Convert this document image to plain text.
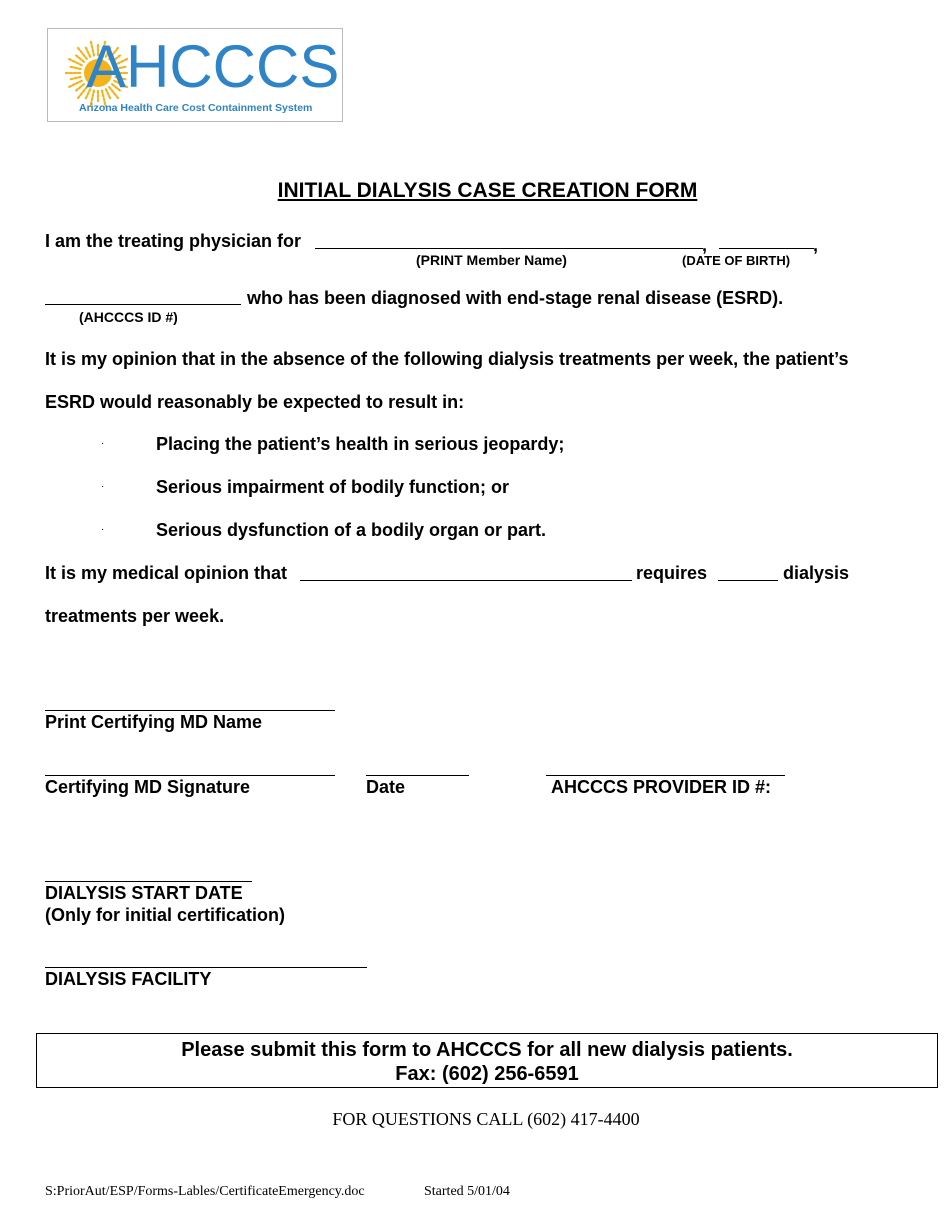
AHCCCS
Arizona Health Care Cost Containment System
INITIAL DIALYSIS CASE CREATION FORM
I am the treating physician for	,	,
(PRINT Member Name)	(DATE OF BIRTH)
who has been diagnosed with end-stage renal disease (ESRD).
(AHCCCS ID #)
It is my opinion that in the absence of the following dialysis treatments per week, the patient’s
ESRD would reasonably be expected to result in:
·	Placing the patient’s health in serious jeopardy;
·	Serious impairment of bodily function; or
·	Serious dysfunction of a bodily organ or part.
It is my medical opinion that	requires	dialysis
treatments per week.
Print Certifying MD Name
Certifying MD Signature	Date	AHCCCS PROVIDER ID #:
DIALYSIS START DATE
(Only for initial certification)
DIALYSIS FACILITY
Please submit this form to AHCCCS for all new dialysis patients.
Fax: (602) 256-6591
FOR QUESTIONS CALL (602) 417-4400
S:PriorAut/ESP/Forms-Lables/CertificateEmergency.doc	Started 5/01/04
